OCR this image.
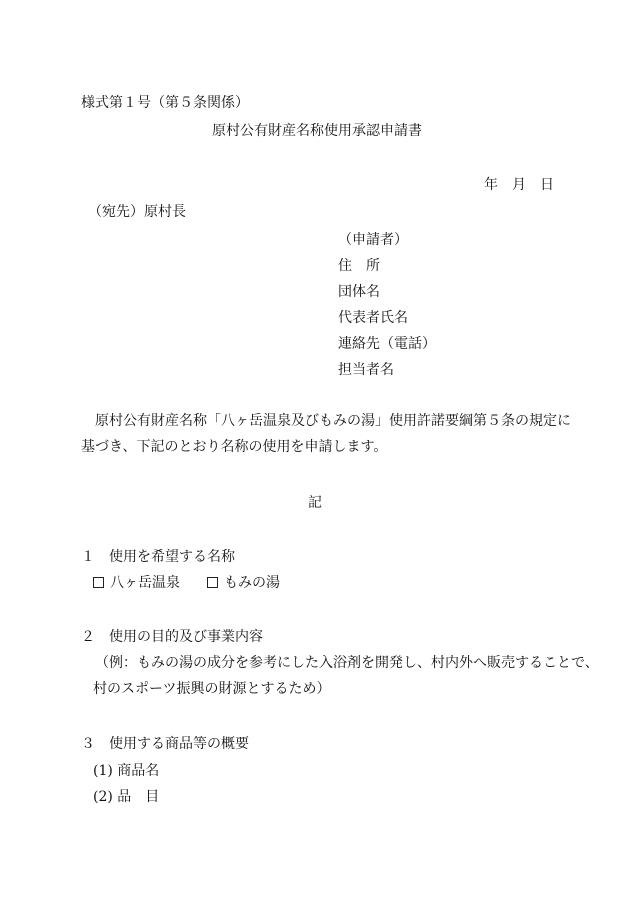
様式第１号（第５条関係）
原村公有財産名称使用承認申請書
年　月　日
（宛先）原村長
（申請者）
住　所
団体名
代表者氏名
連絡先（電話）
担当者名
原村公有財産名称「八ヶ岳温泉及びもみの湯」使用許諾要綱第５条の規定に
基づき、下記のとおり名称の使用を申請します。
記
１　使用を希望する名称
八ヶ岳温泉	もみの湯
２　使用の目的及び事業内容
（例：もみの湯の成分を参考にした入浴剤を開発し、村内外へ販売することで、
村のスポーツ振興の財源とするため）
３　使用する商品等の概要
(1) 商品名
(2) 品　目
